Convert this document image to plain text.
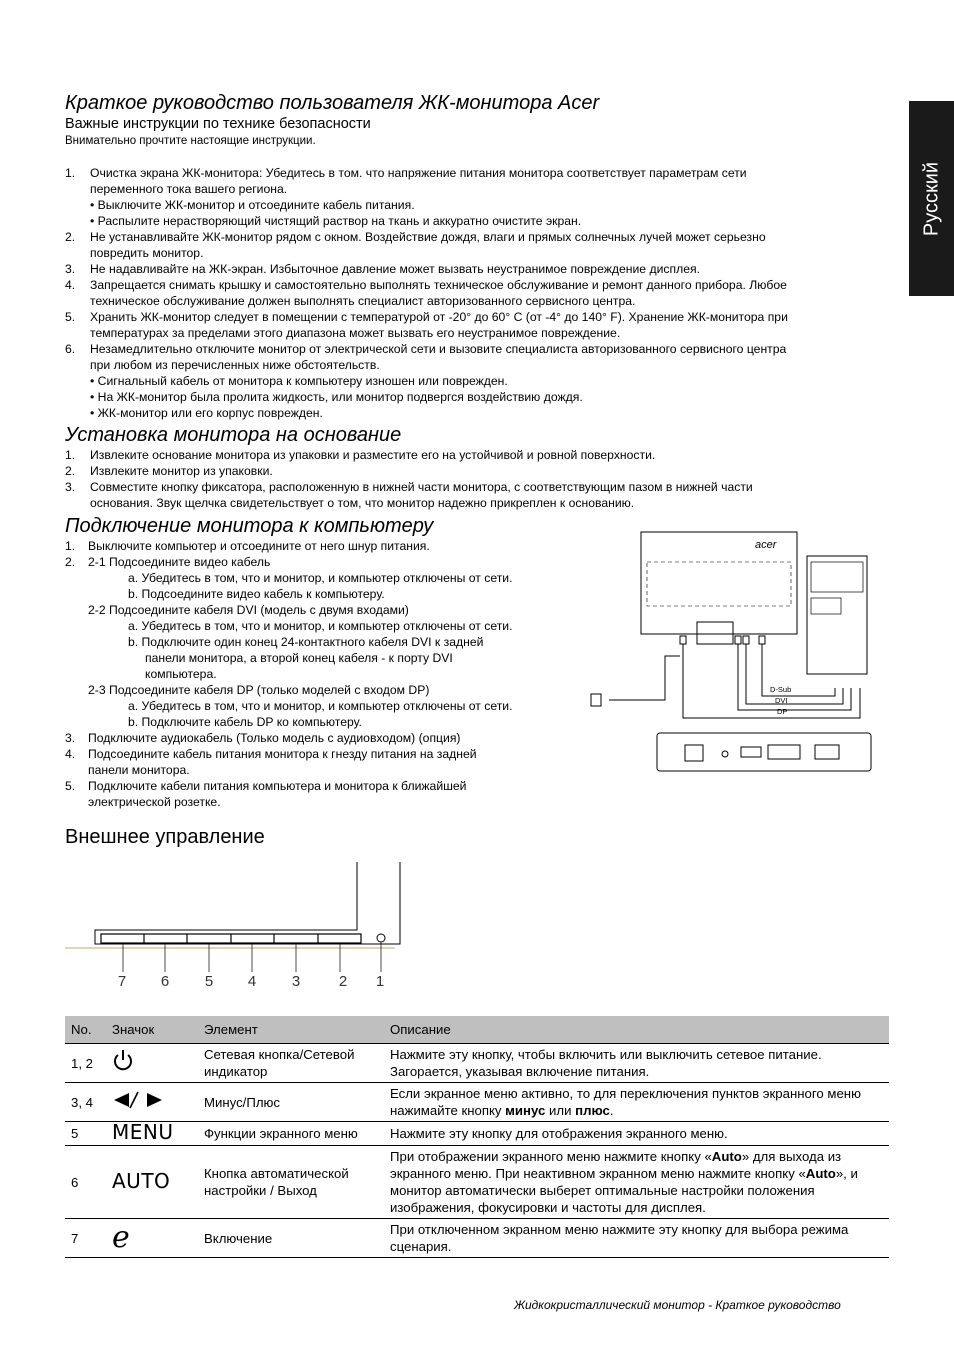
Русский
Краткое руководство пользователя ЖК-монитора Acer
Важные инструкции по технике безопасности
Внимательно прочтите настоящие инструкции.
1. Очистка экрана ЖК-монитора: Убедитесь в том. что напряжение питания монитора соответствует параметрам сети
переменного тока вашего региона.
• Выключите ЖК-монитор и отсоедините кабель питания.
• Распылите нерастворяющий чистящий раствор на ткань и аккуратно очистите экран.
2. Не устанавливайте ЖК-монитор рядом с окном. Воздействие дождя, влаги и прямых солнечных лучей может серьезно
повредить монитор.
3. Не надавливайте на ЖК-экран. Избыточное давление может вызвать неустранимое повреждение дисплея.
4. Запрещается снимать крышку и самостоятельно выполнять техническое обслуживание и ремонт данного прибора. Любое
техническое обслуживание должен выполнять специалист авторизованного сервисного центра.
5. Хранить ЖК-монитор следует в помещении с температурой от -20° до 60° C (от -4° до 140° F). Хранение ЖК-монитора при
температурах за пределами этого диапазона может вызвать его неустранимое повреждение.
6. Незамедлительно отключите монитор от электрической сети и вызовите специалиста авторизованного сервисного центра
при любом из перечисленных ниже обстоятельств.
• Сигнальный кабель от монитора к компьютеру изношен или поврежден.
• На ЖК-монитор была пролита жидкость, или монитор подвергся воздействию дождя.
• ЖК-монитор или его корпус поврежден.
Установка монитора на основание
1. Извлеките основание монитора из упаковки и разместите его на устойчивой и ровной поверхности.
2. Извлеките монитор из упаковки.
3. Совместите кнопку фиксатора, расположенную в нижней части монитора, с соответствующим пазом в нижней части
основания. Звук щелчка свидетельствует о том, что монитор надежно прикреплен к основанию.
Подключение монитора к компьютеру
1. Выключите компьютер и отсоедините от него шнур питания.
2. 2-1 Подсоедините видео кабель
a. Убедитесь в том, что и монитор, и компьютер отключены от сети.
b. Подсоедините видео кабель к компьютеру.
2-2 Подсоедините кабеля DVI (модель с двумя входами)
a. Убедитесь в том, что и монитор, и компьютер отключены от сети.
b. Подключите один конец 24-контактного кабеля DVI к задней
панели монитора, а второй конец кабеля - к порту DVI
компьютера.
2-3 Подсоедините кабеля DP (только моделей с входом DP)
a. Убедитесь в том, что и монитор, и компьютер отключены от сети.
b. Подключите кабель DP ко компьютеру.
3. Подключите аудиокабель (Только модель с аудиовходом) (опция)
4. Подсоедините кабель питания монитора к гнезду питания на задней
панели монитора.
5. Подключите кабели питания компьютера и монитора к ближайшей
электрической розетке.
acer
D-Sub
DVI
DP
Внешнее управление
7 6 5 4 3	2 1
No.	Значок	Элемент	Описание
1, 2		Сетевая кнопка/Сетевой индикатор	Нажмите эту кнопку, чтобы включить или выключить сетевое питание. Загорается, указывая включение питания.
3, 4		Минус/Плюс	Если экранное меню активно, то для переключения пунктов экранного меню нажимайте кнопку минус или плюс.
5	MENU	Функции экранного меню	Нажмите эту кнопку для отображения экранного меню.
6	AUTO	Кнопка автоматической настройки / Выход	При отображении экранного меню нажмите кнопку «Auto» для выхода из экранного меню. При неактивном экранном меню нажмите кнопку «Auto», и монитор автоматически выберет оптимальные настройки положения изображения, фокусировки и частоты для дисплея.
7	e	Включение	При отключенном экранном меню нажмите эту кнопку для выбора режима сценария.
Жидкокристаллический монитор - Краткое руководство
